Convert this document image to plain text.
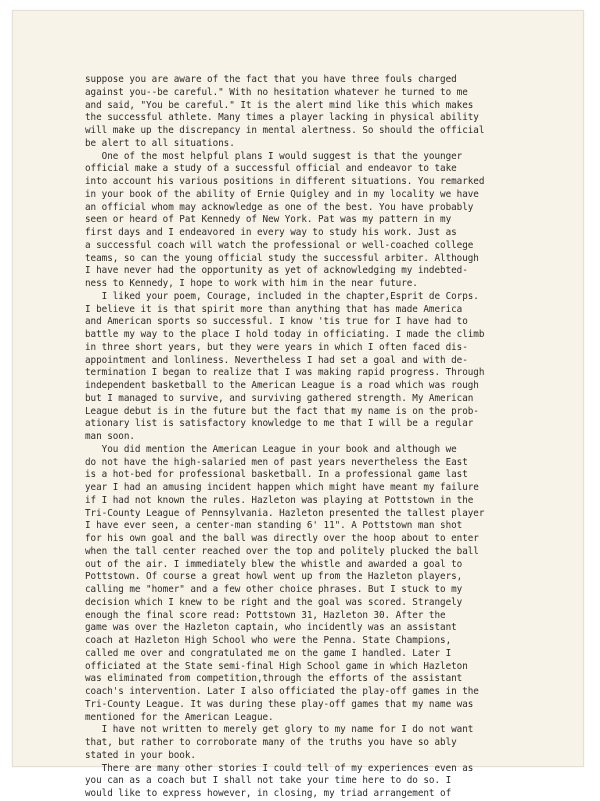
suppose you are aware of the fact that you have three fouls charged
against you--be careful." With no hesitation whatever he turned to me
and said, "You be careful." It is the alert mind like this which makes
the successful athlete. Many times a player lacking in physical ability
will make up the discrepancy in mental alertness. So should the official
be alert to all situations.
One of the most helpful plans I would suggest is that the younger
official make a study of a successful official and endeavor to take
into account his various positions in different situations. You remarked
in your book of the ability of Ernie Quigley and in my locality we have
an official whom may acknowledge as one of the best. You have probably
seen or heard of Pat Kennedy of New York. Pat was my pattern in my
first days and I endeavored in every way to study his work. Just as
a successful coach will watch the professional or well-coached college
teams, so can the young official study the successful arbiter. Although
I have never had the opportunity as yet of acknowledging my indebted-
ness to Kennedy, I hope to work with him in the near future.
I liked your poem, Courage, included in the chapter,Esprit de Corps.
I believe it is that spirit more than anything that has made America
and American sports so successful. I know 'tis true for I have had to
battle my way to the place I hold today in officiating. I made the climb
in three short years, but they were years in which I often faced dis-
appointment and lonliness. Nevertheless I had set a goal and with de-
termination I began to realize that I was making rapid progress. Through
independent basketball to the American League is a road which was rough
but I managed to survive, and surviving gathered strength. My American
League debut is in the future but the fact that my name is on the prob-
ationary list is satisfactory knowledge to me that I will be a regular
man soon.
You did mention the American League in your book and although we
do not have the high-salaried men of past years nevertheless the East
is a hot-bed for professional basketball. In a professional game last
year I had an amusing incident happen which might have meant my failure
if I had not known the rules. Hazleton was playing at Pottstown in the
Tri-County League of Pennsylvania. Hazleton presented the tallest player
I have ever seen, a center-man standing 6' 11". A Pottstown man shot
for his own goal and the ball was directly over the hoop about to enter
when the tall center reached over the top and politely plucked the ball
out of the air. I immediately blew the whistle and awarded a goal to
Pottstown. Of course a great howl went up from the Hazleton players,
calling me "homer" and a few other choice phrases. But I stuck to my
decision which I knew to be right and the goal was scored. Strangely
enough the final score read: Pottstown 31, Hazleton 30. After the
game was over the Hazleton captain, who incidently was an assistant
coach at Hazleton High School who were the Penna. State Champions,
called me over and congratulated me on the game I handled. Later I
officiated at the State semi-final High School game in which Hazleton
was eliminated from competition,through the efforts of the assistant
coach's intervention. Later I also officiated the play-off games in the
Tri-County League. It was during these play-off games that my name was
mentioned for the American League.
I have not written to merely get glory to my name for I do not want
that, but rather to corroborate many of the truths you have so ably
stated in your book.
There are many other stories I could tell of my experiences even as
you can as a coach but I shall not take your time here to do so. I
would like to express however, in closing, my triad arrangement of
